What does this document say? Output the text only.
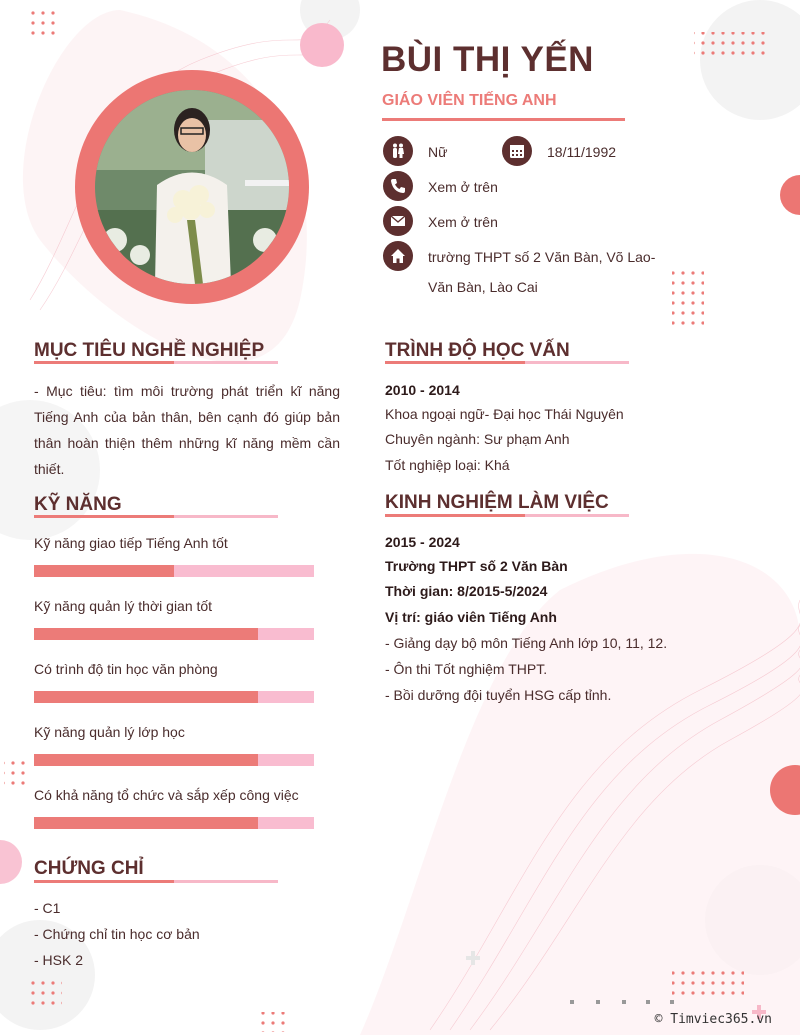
BÙI THỊ YẾN
GIÁO VIÊN TIẾNG ANH
Nữ	18/11/1992
Xem ở trên
Xem ở trên
trường THPT số 2 Văn Bàn, Võ Lao-
Văn Bàn, Lào Cai
MỤC TIÊU NGHỀ NGHIỆP

- Mục tiêu: tìm môi trường phát triển kĩ năng Tiếng Anh của bản thân, bên cạnh đó giúp bản thân hoàn thiện thêm những kĩ năng mềm cần thiết.

KỸ NĂNG
Kỹ năng giao tiếp Tiếng Anh tốt
Kỹ năng quản lý thời gian tốt
Có trình độ tin học văn phòng
Kỹ năng quản lý lớp học
Có khả năng tổ chức và sắp xếp công việc
CHỨNG CHỈ
- C1
- Chứng chỉ tin học cơ bản
- HSK 2
TRÌNH ĐỘ HỌC VẤN
2010 - 2014
Khoa ngoại ngữ- Đại học Thái Nguyên
Chuyên ngành: Sư phạm Anh
Tốt nghiệp loại: Khá
KINH NGHIỆM LÀM VIỆC
2015 - 2024
Trường THPT số 2 Văn Bàn
Thời gian: 8/2015-5/2024
Vị trí: giáo viên Tiếng Anh
- Giảng dạy bộ môn Tiếng Anh lớp 10, 11, 12.
- Ôn thi Tốt nghiệm THPT.
- Bồi dưỡng đội tuyển HSG cấp tỉnh.
© Timviec365.vn
